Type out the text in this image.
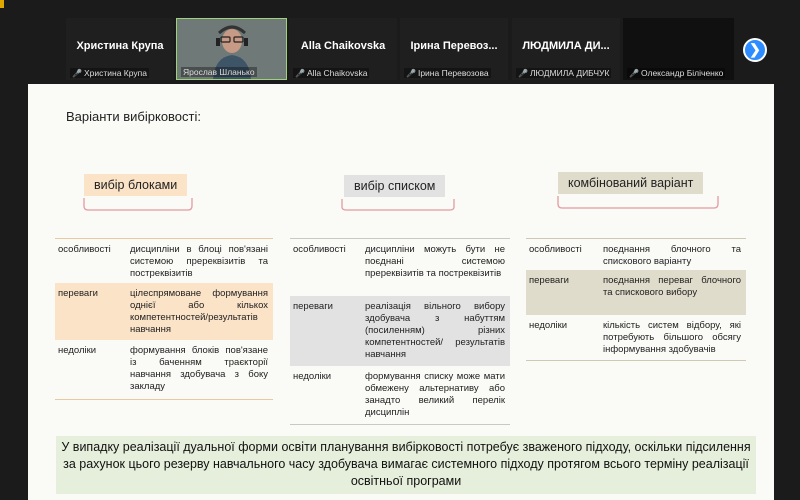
Христина Крупа
🎤 Христина Крупа	Ярослав Шланько
Alla Chaikovska
🎤 Alla Chaikovska
Ірина Перевоз...
🎤 Ірина Перевозова
ЛЮДМИЛА ДИ...
🎤 ЛЮДМИЛА ДИБЧУК 🎤 Олександр Біліченко
❯
Варіанти вибірковості:
вибір блоками	вибір списком	комбінований варіант
особливості дисципліни в блоці пов'язані системою пререквізитів та постреквізитів
переваги	цілеспрямоване формування однієї або кількох компетентностей/результатів навчання
недоліки	формування блоків пов'язане із баченням траєкторії навчання здобувача з боку закладу
особливості дисципліни можуть бути не поєднані системою пререквізитів та постреквізитів
переваги	реалізація вільного вибору здобувача з набуттям (посиленням) різних компетентностей/ результатів навчання
недоліки	формування списку може мати обмежену альтернативу або занадто великий перелік дисциплін
особливості поєднання блочного та спискового варіанту
переваги	поєднання переваг блочного та спискового вибору
недоліки	кількість систем відбору, які потребують більшого обсягу інформування здобувачів
У випадку реалізації дуальної форми освіти планування вибірковості потребує зваженого підходу, оскільки підсилення за рахунок цього резерву навчального часу здобувача вимагає системного підходу протягом всього терміну реалізації освітньої програми
